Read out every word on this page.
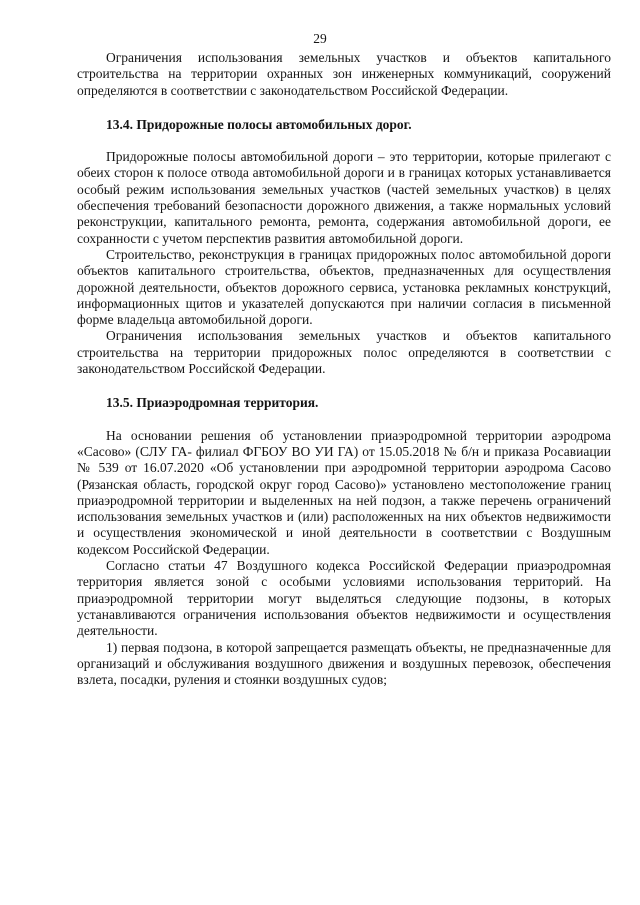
29

Ограничения использования земельных участков и объектов капитального строительства на территории охранных зон инженерных коммуникаций, сооружений определяются в соответствии с законодательством Российской Федерации.

13.4. Придорожные полосы автомобильных дорог.

Придорожные полосы автомобильной дороги – это территории, которые прилегают с обеих сторон к полосе отвода автомобильной дороги и в границах которых устанавливается особый режим использования земельных участков (частей земельных участков) в целях обеспечения требований безопасности дорожного движения, а также нормальных условий реконструкции, капитального ремонта, ремонта, содержания автомобильной дороги, ее сохранности с учетом перспектив развития автомобильной дороги.

Строительство, реконструкция в границах придорожных полос автомобильной дороги объектов капитального строительства, объектов, предназначенных для осуществления дорожной деятельности, объектов дорожного сервиса, установка рекламных конструкций, информационных щитов и указателей допускаются при наличии согласия в письменной форме владельца автомобильной дороги.

Ограничения использования земельных участков и объектов капитального строительства на территории придорожных полос определяются в соответствии с законодательством Российской Федерации.

13.5. Приаэродромная территория.

На основании решения об установлении приаэродромной территории аэродрома «Сасово» (СЛУ ГА- филиал ФГБОУ ВО УИ ГА) от 15.05.2018 № б/н и приказа Росавиации № 539 от 16.07.2020 «Об установлении при аэродромной территории аэродрома Сасово (Рязанская область, городской округ город Сасово)» установлено местоположение границ приаэродромной территории и выделенных на ней подзон, а также перечень ограничений использования земельных участков и (или) расположенных на них объектов недвижимости и осуществления экономической и иной деятельности в соответствии с Воздушным кодексом Российской Федерации.

Согласно статьи 47 Воздушного кодекса Российской Федерации приаэродромная территория является зоной с особыми условиями использования территорий. На приаэродромной территории могут выделяться следующие подзоны, в которых устанавливаются ограничения использования объектов недвижимости и осуществления деятельности.

1) первая подзона, в которой запрещается размещать объекты, не предназначенные для организаций и обслуживания воздушного движения и воздушных перевозок, обеспечения взлета, посадки, руления и стоянки воздушных судов;
